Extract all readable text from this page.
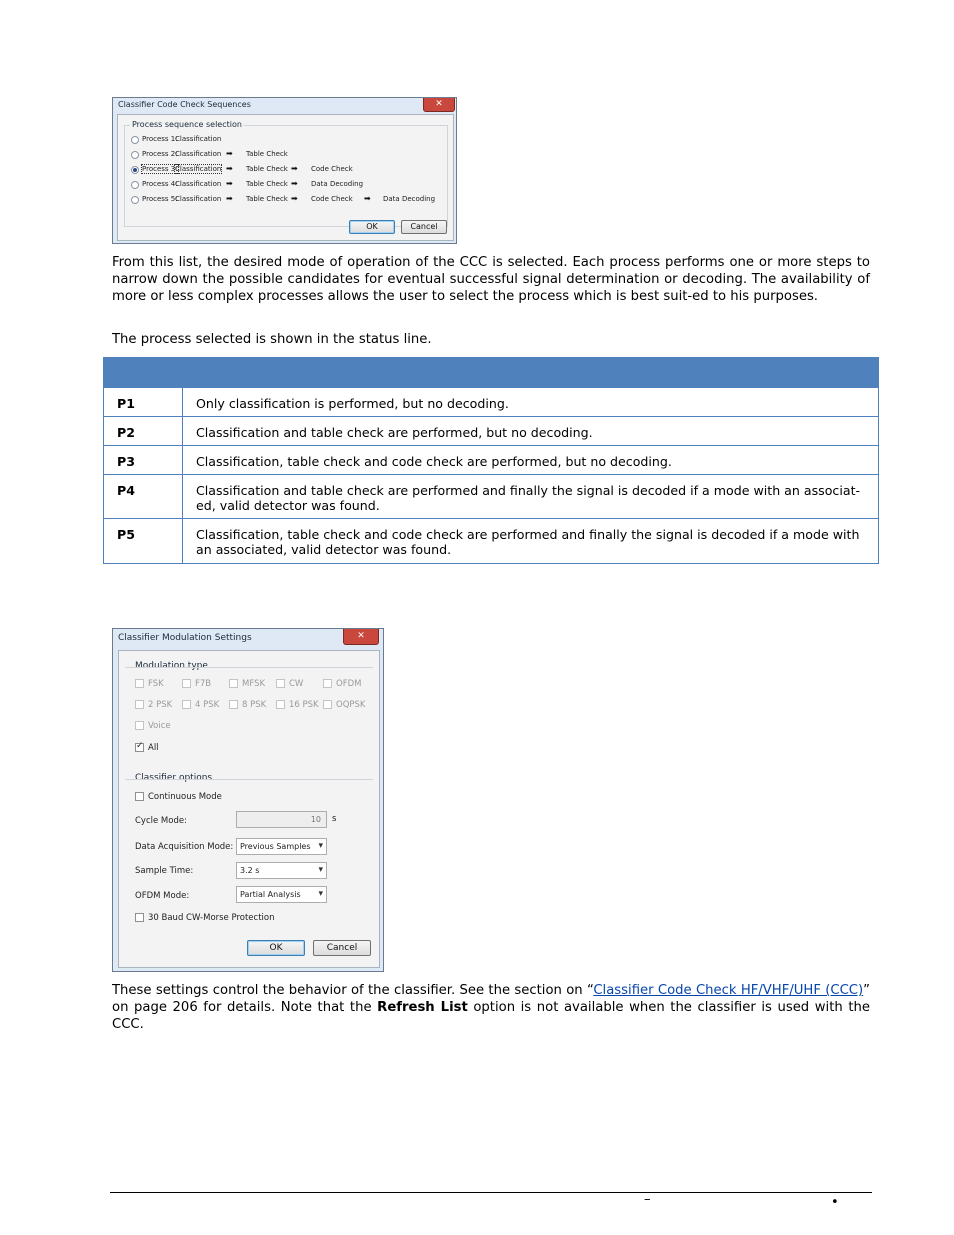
Classifier Code Check Sequences	✕
Process sequence selection
Process 1:
Classification
Process 2:
Classification ➡ Table Check
Process 3:
Classification ➡ Table Check ➡ Code Check
Process 4:
Classification ➡ Table Check ➡ Data Decoding
Process 5:
Classification ➡ Table Check ➡ Code Check ➡ Data Decoding
OK	Cancel
From this list, the desired mode of operation of the CCC is selected. Each process performs one or more steps to narrow down the possible candidates for eventual successful signal determination or decoding. The availability of more or less complex processes allows the user to select the process which is best suit-ed to his purposes.
The process selected is shown in the status line.

P1	Only classification is performed, but no decoding.
P2	Classification and table check are performed, but no decoding.
P3	Classification, table check and code check are performed, but no decoding.
P4	Classification and table check are performed and finally the signal is decoded if a mode with an associat-ed, valid detector was found.
P5	Classification, table check and code check are performed and finally the signal is decoded if a mode with an associated, valid detector was found.
Classifier Modulation Settings	✕
Modulation type
FSK	F7B	MFSK	CW	OFDM
2 PSK	4 PSK	8 PSK	16 PSK OQPSK
Voice
✓
All
Classifier options
Continuous Mode
Cycle Mode:	10	s
Data Acquisition Mode: Previous Samples ▾
Sample Time:	3.2 s ▾
OFDM Mode:	Partial Analysis ▾
30 Baud CW-Morse Protection
OK	Cancel
These settings control the behavior of the classifier. See the section on “Classifier Code Check HF/VHF/UHF (CCC)” on page 206 for details. Note that the Refresh List option is not available when the classifier is used with the CCC.
–	•
